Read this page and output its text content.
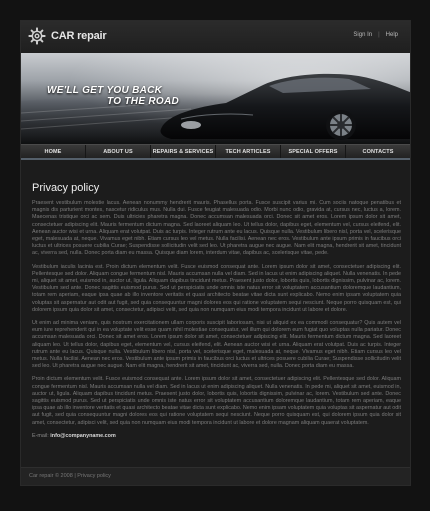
CAR repair	Sign In | Help
WE'LL GET YOU BACK
TO THE ROAD
HOME	ABOUT US	REPAIRS & SERVICES	TECH ARTICLES	SPECIAL OFFERS	CONTACTS
Privacy policy

Praesent vestibulum molestie lacus. Aenean nonummy hendrerit mauris. Phasellus porta. Fusce suscipit varius mi. Cum sociis natoque penatibus et magnis dis parturient montes, nascetur ridiculus mus. Nulla dui. Fusce feugiat malesuada odio. Morbi nunc odio, gravida at, cursus nec, luctus a, lorem. Maecenas tristique orci ac sem. Duis ultricies pharetra magna. Donec accumsan malesuada orci. Donec sit amet eros. Lorem ipsum dolor sit amet, consectetuer adipiscing elit. Mauris fermentum dictum magna. Sed laoreet aliquam leo. Ut tellus dolor, dapibus eget, elementum vel, cursus eleifend, elit. Aenean auctor wisi et urna. Aliquam erat volutpat. Duis ac turpis. Integer rutrum ante eu lacus. Quisque nulla. Vestibulum libero nisl, porta vel, scelerisque eget, malesuada at, neque. Vivamus eget nibh. Etiam cursus leo vel metus. Nulla facilisi. Aenean nec eros. Vestibulum ante ipsum primis in faucibus orci luctus et ultrices posuere cubilia Curae; Suspendisse sollicitudin velit sed leo. Ut pharetra augue nec augue. Nam elit magna, hendrerit sit amet, tincidunt ac, viverra sed, nulla. Donec porta diam eu massa. Quisque diam lorem, interdum vitae, dapibus ac, scelerisque vitae, pede.

Vestibulum iaculis lacinia est. Proin dictum elementum velit. Fusce euismod consequat ante. Lorem ipsum dolor sit amet, consectetuer adipiscing elit. Pellentesque sed dolor. Aliquam congue fermentum nisl. Mauris accumsan nulla vel diam. Sed in lacus ut enim adipiscing aliquet. Nulla venenatis. In pede mi, aliquet sit amet, euismod in, auctor ut, ligula. Aliquam dapibus tincidunt metus. Praesent justo dolor, lobortis quis, lobortis dignissim, pulvinar ac, lorem. Vestibulum sed ante. Donec sagittis euismod purus. Sed ut perspiciatis unde omnis iste natus error sit voluptatem accusantium doloremque laudantium, totam rem aperiam, eaque ipsa quae ab illo inventore veritatis et quasi architecto beatae vitae dicta sunt explicabo. Nemo enim ipsam voluptatem quia voluptas sit aspernatur aut odit aut fugit, sed quia consequuntur magni dolores eos qui ratione voluptatem sequi nesciunt. Neque porro quisquam est, qui dolorem ipsum quia dolor sit amet, consectetur, adipisci velit, sed quia non numquam eius modi tempora incidunt ut labore et dolore.

Ut enim ad minima veniam, quis nostrum exercitationem ullam corporis suscipit laboriosam, nisi ut aliquid ex ea commodi consequatur? Quis autem vel eum iure reprehenderit qui in ea voluptate velit esse quam nihil molestiae consequatur, vel illum qui dolorem eum fugiat quo voluptas nulla pariatur. Donec accumsan malesuada orci. Donec sit amet eros. Lorem ipsum dolor sit amet, consectetuer adipiscing elit. Mauris fermentum dictum magna. Sed laoreet aliquam leo. Ut tellus dolor, dapibus eget, elementum vel, cursus eleifend, elit. Aenean auctor wisi et urna. Aliquam erat volutpat. Duis ac turpis. Integer rutrum ante eu lacus. Quisque nulla. Vestibulum libero nisl, porta vel, scelerisque eget, malesuada at, neque. Vivamus eget nibh. Etiam cursus leo vel metus. Nulla facilisi. Aenean nec eros. Vestibulum ante ipsum primis in faucibus orci luctus et ultrices posuere cubilia Curae; Suspendisse sollicitudin velit sed leo. Ut pharetra augue nec augue. Nam elit magna, hendrerit sit amet, tincidunt ac, viverra sed, nulla. Donec porta diam eu massa.

Proin dictum elementum velit. Fusce euismod consequat ante. Lorem ipsum dolor sit amet, consectetuer adipiscing elit. Pellentesque sed dolor. Aliquam congue fermentum nisl. Mauris accumsan nulla vel diam. Sed in lacus ut enim adipiscing aliquet. Nulla venenatis. In pede mi, aliquet sit amet, euismod in, auctor ut, ligula. Aliquam dapibus tincidunt metus. Praesent justo dolor, lobortis quis, lobortis dignissim, pulvinar ac, lorem. Vestibulum sed ante. Donec sagittis euismod purus. Sed ut perspiciatis unde omnis iste natus error sit voluptatem accusantium doloremque laudantium, totam rem aperiam, eaque ipsa quae ab illo inventore veritatis et quasi architecto beatae vitae dicta sunt explicabo. Nemo enim ipsam voluptatem quia voluptas sit aspernatur aut odit aut fugit, sed quia consequuntur magni dolores eos qui ratione voluptatem sequi nesciunt. Neque porro quisquam est, qui dolorem ipsum quia dolor sit amet, consectetur, adipisci velit, sed quia non numquam eius modi tempora incidunt ut labore et dolore magnam aliquam quaerat voluptatem.

E-mail: info@companyname.com
Car repair © 2008 | Privacy policy
